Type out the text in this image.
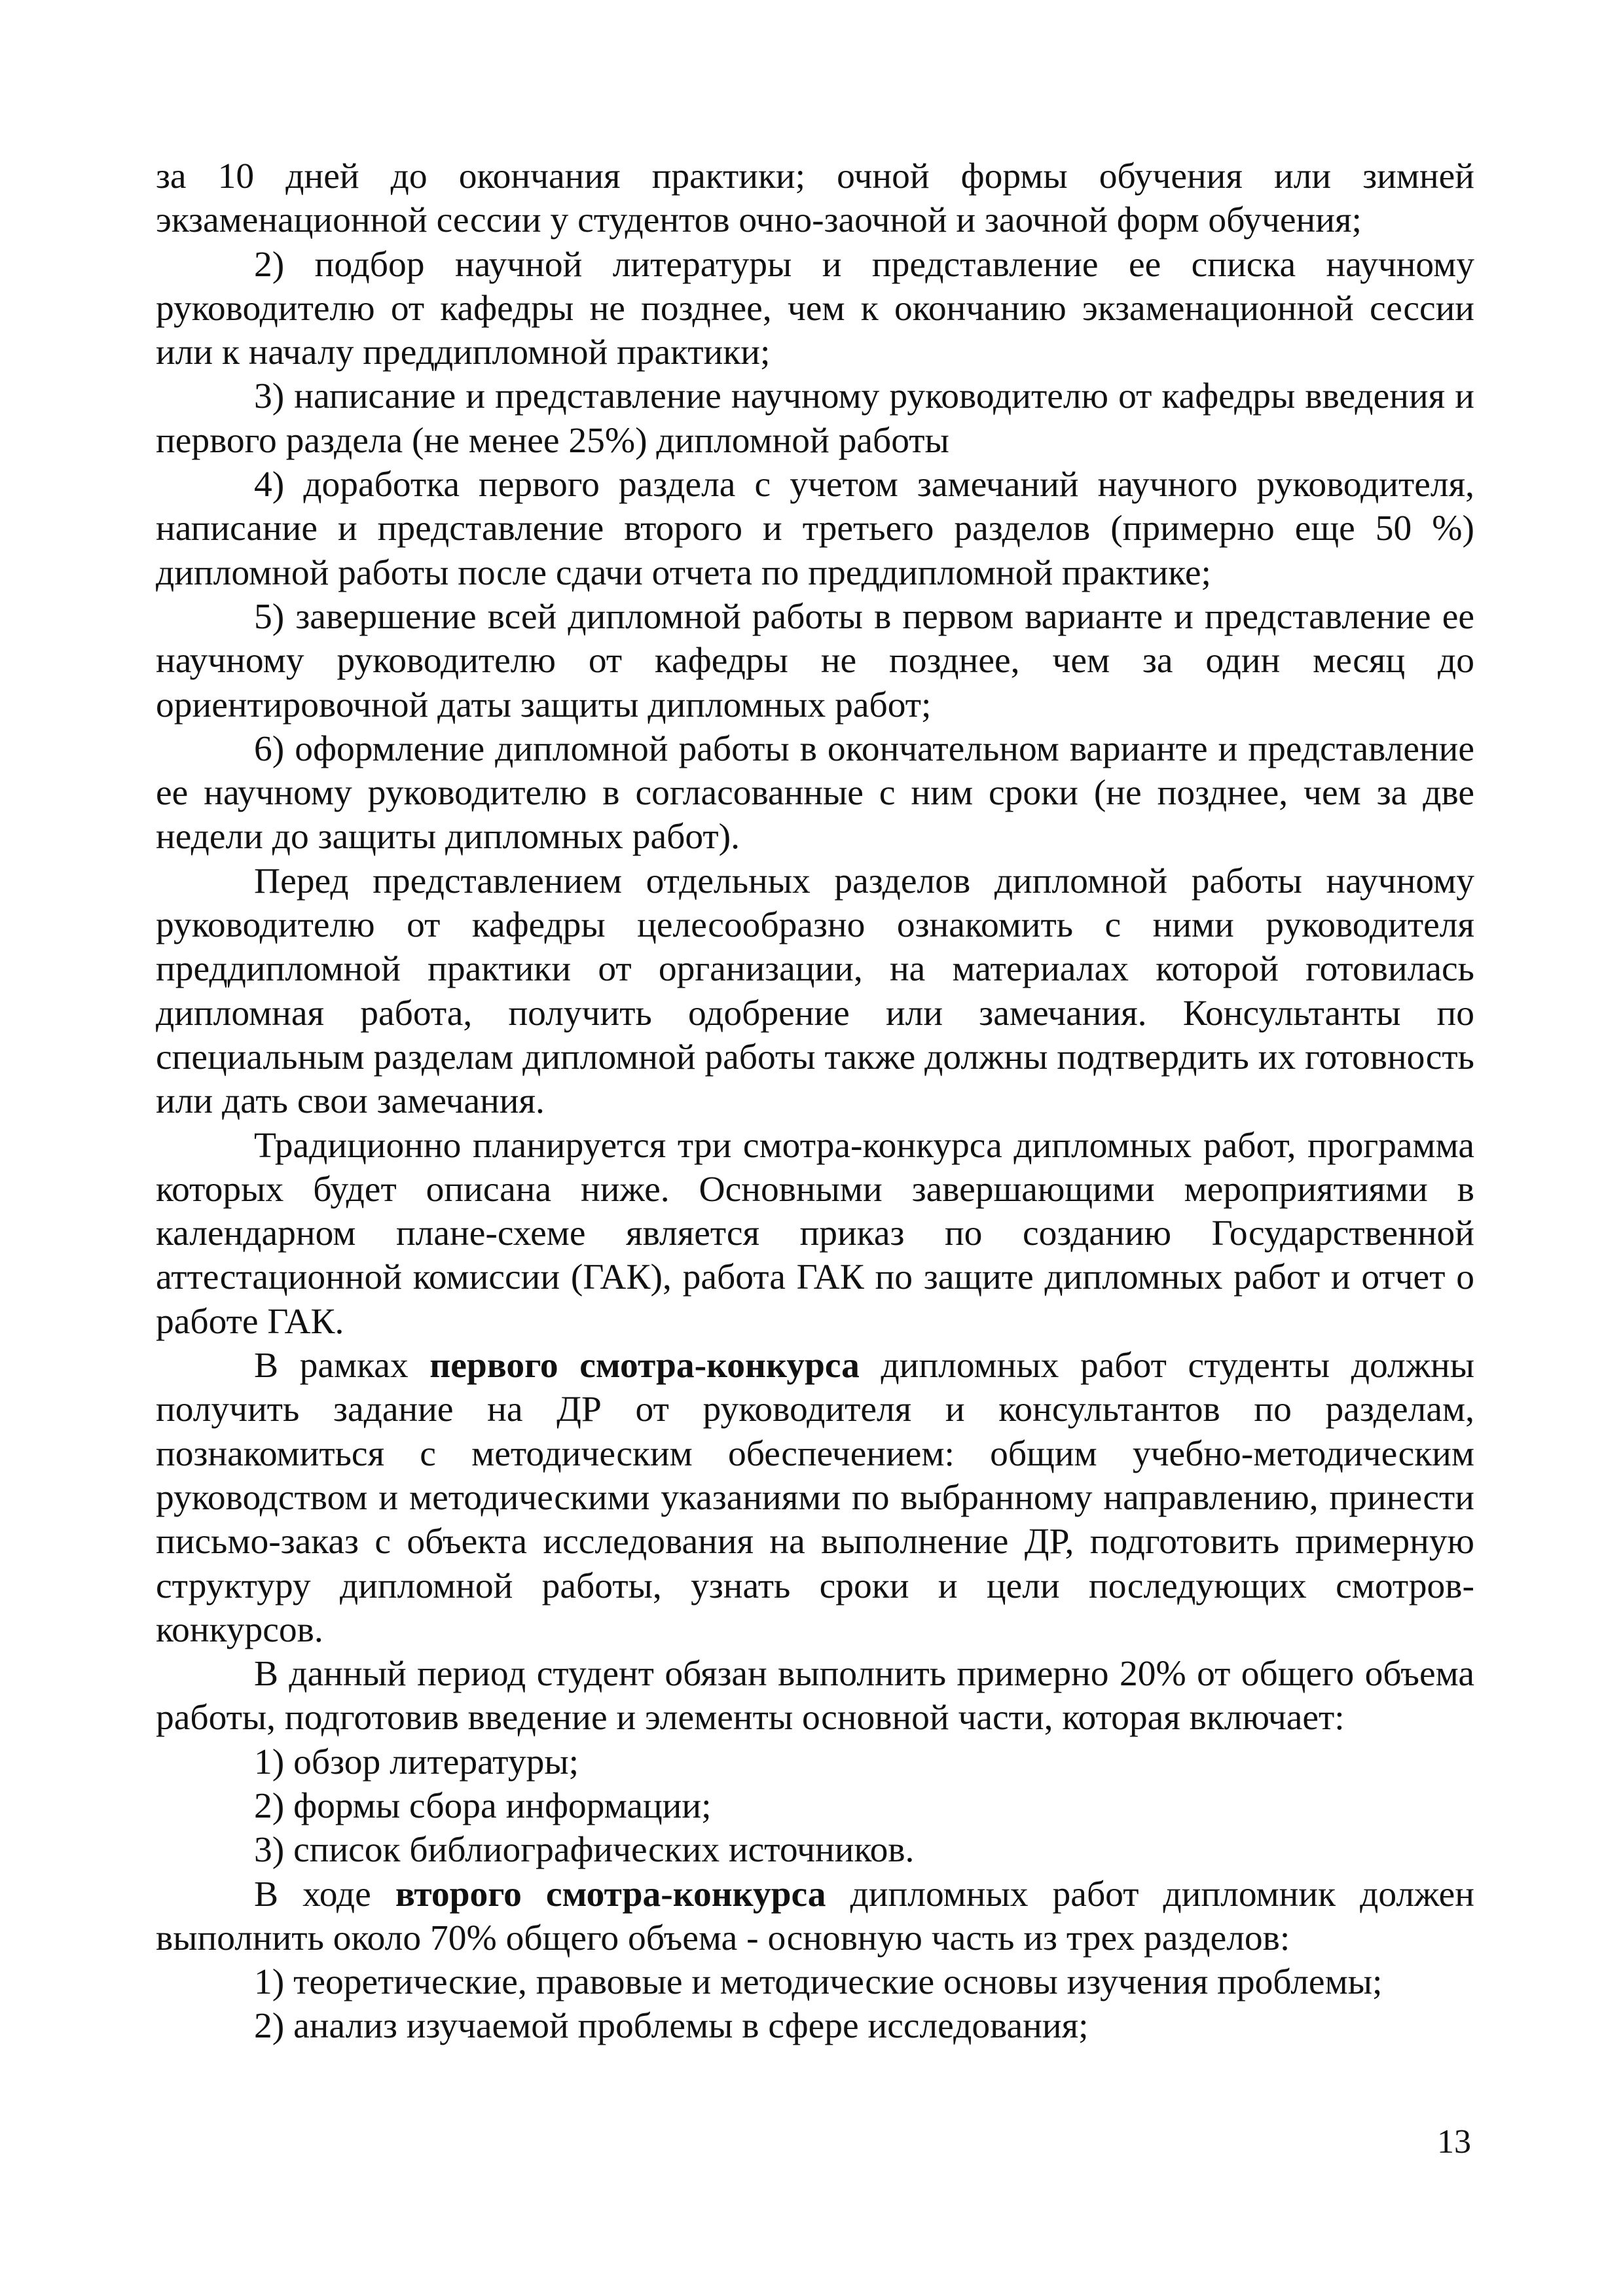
за 10 дней до окончания практики; очной формы обучения или зимней экзаменационной сессии у студентов очно-заочной и заочной форм обучения;

2) подбор научной литературы и представление ее списка научному руководителю от кафедры не позднее, чем к окончанию экзаменационной сессии или к началу преддипломной практики;

3) написание и представление научному руководителю от кафедры введения и первого раздела (не менее 25%) дипломной работы

4) доработка первого раздела с учетом замечаний научного руководителя, написание и представление второго и третьего разделов (примерно еще 50 %) дипломной работы после сдачи отчета по преддипломной практике;

5) завершение всей дипломной работы в первом варианте и представление ее научному руководителю от кафедры не позднее, чем за один месяц до ориентировочной даты защиты дипломных работ;

6) оформление дипломной работы в окончательном варианте и представление ее научному руководителю в согласованные с ним сроки (не позднее, чем за две недели до защиты дипломных работ).

Перед представлением отдельных разделов дипломной работы научному руководителю от кафедры целесообразно ознакомить с ними руководителя преддипломной практики от организации, на материалах которой готовилась дипломная работа, получить одобрение или замечания. Консультанты по специальным разделам дипломной работы также должны подтвердить их готовность или дать свои замечания.

Традиционно планируется три смотра-конкурса дипломных работ, программа которых будет описана ниже. Основными завершающими мероприятиями в календарном плане-схеме является приказ по созданию Государственной аттестационной комиссии (ГАК), работа ГАК по защите дипломных работ и отчет о работе ГАК.

В рамках первого смотра-конкурса дипломных работ студенты должны получить задание на ДР от руководителя и консультантов по разделам, познакомиться с методическим обеспечением: общим учебно-методическим руководством и методическими указаниями по выбранному направлению, принести письмо-заказ с объекта исследования на выполнение ДР, подготовить примерную структуру дипломной работы, узнать сроки и цели последующих смотров-конкурсов.

В данный период студент обязан выполнить примерно 20% от общего объема работы, подготовив введение и элементы основной части, которая включает:

1) обзор литературы;

2) формы сбора информации;

3) список библиографических источников.

В ходе второго смотра-конкурса дипломных работ дипломник должен выполнить около 70% общего объема - основную часть из трех разделов:

1) теоретические, правовые и методические основы изучения проблемы;

2) анализ изучаемой проблемы в сфере исследования;

13
